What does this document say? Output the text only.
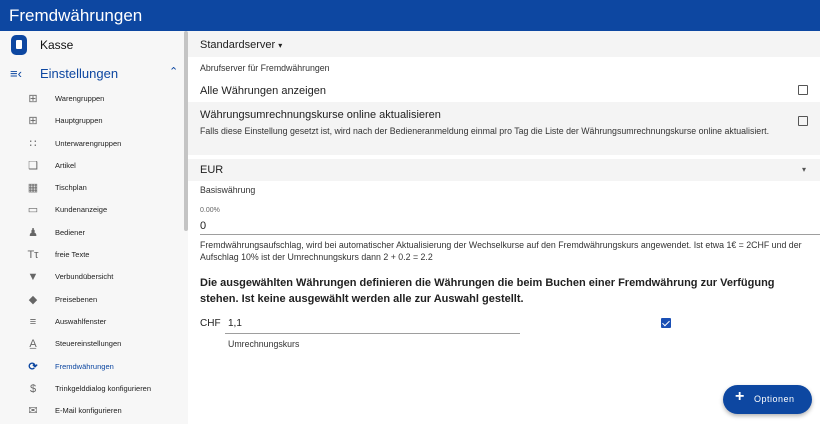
Fremdwährungen
Kasse
≡‹ Einstellungen	⌃
⊞	Warengruppen
⊞	Hauptgruppen
∷	Unterwarengruppen
❑ Artikel
▦ Tischplan
▭ Kundenanzeige
♟ Bediener
Tτ freie Texte
▼ Verbundübersicht
◆	Preisebenen
≡	Auswahlfenster
A̲	Steuereinstellungen
⟳	Fremdwährungen
$	Trinkgelddialog konfigurieren
✉	E-Mail konfigurieren
Standardserver ▾
Abrufserver für Fremdwährungen
Alle Währungen anzeigen
Währungsumrechnungskurse online aktualisieren
Falls diese Einstellung gesetzt ist, wird nach der Bedieneranmeldung einmal pro Tag die Liste der Währungsumrechnungskurse online aktualisiert.
EUR	▾
Basiswährung
0.00%
0
Fremdwährungsaufschlag, wird bei automatischer Aktualisierung der Wechselkurse auf den Fremdwährungskurs angewendet. Ist etwa 1€ = 2CHF und der Aufschlag 10% ist der Umrechnungskurs dann 2 + 0.2 = 2.2
Die ausgewählten Währungen definieren die Währungen die beim Buchen einer Fremdwährung zur Verfügung stehen. Ist keine ausgewählt werden alle zur Auswahl gestellt.
CHF 1,1
Umrechnungskurs
+ Optionen
